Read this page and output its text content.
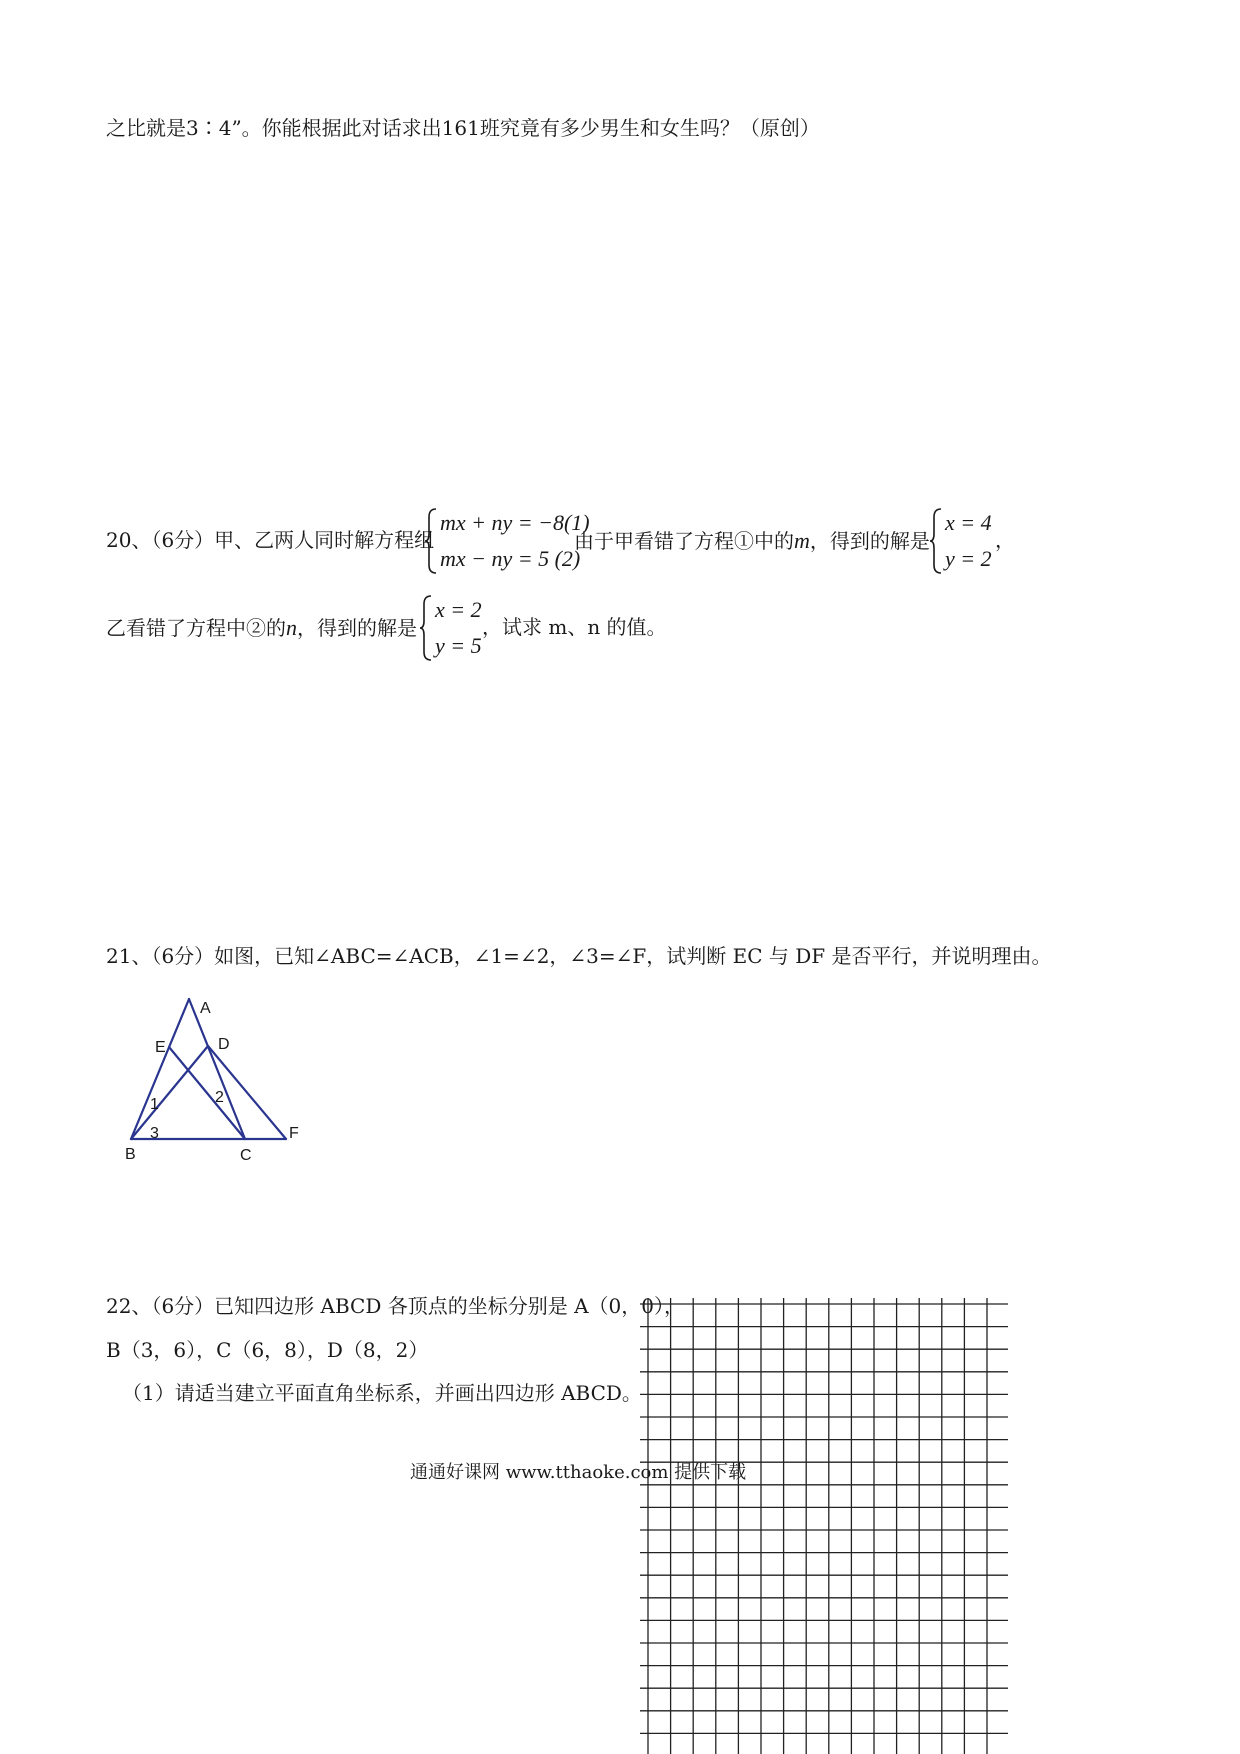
之比就是3∶4”。你能根据此对话求出161班究竟有多少男生和女生吗？（原创）
20、（6分）甲、乙两人同时解方程组
mx + ny = −8(1)
mx − ny = 5 (2)
由于甲看错了方程①中的m，得到的解是
x = 4
y = 2
，
乙看错了方程中②的n，得到的解是
x = 2
y = 5
，试求 m、n 的值。
21、（6分）如图，已知∠ABC=∠ACB，∠1=∠2，∠3=∠F，试判断 EC 与 DF 是否平行，并说明理由。
A
E	D
1	2
3	F
B	C
22、（6分）已知四边形 ABCD 各顶点的坐标分别是 A（0，0），
B（3，6），C（6，8），D（8，2）
（1）请适当建立平面直角坐标系，并画出四边形 ABCD。
通通好课网 www.tthaoke.com 提供下载
